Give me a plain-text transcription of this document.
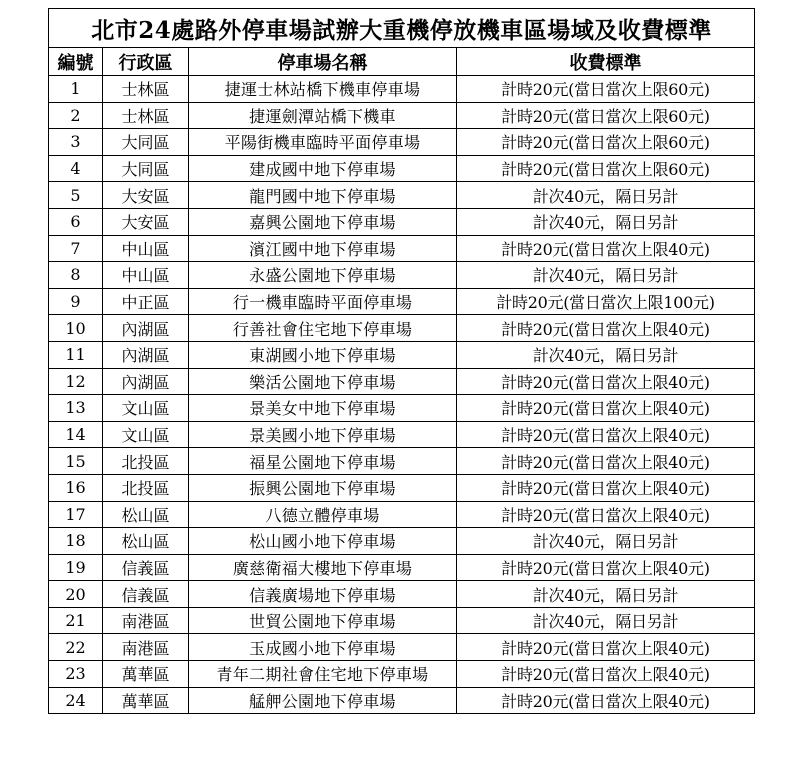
北市24處路外停車場試辦大重機停放機車區場域及收費標準			
編號	行政區	停車場名稱	收費標準
1	士林區	捷運士林站橋下機車停車場	計時20元(當日當次上限60元)
2	士林區	捷運劍潭站橋下機車	計時20元(當日當次上限60元)
3	大同區	平陽街機車臨時平面停車場	計時20元(當日當次上限60元)
4	大同區	建成國中地下停車場	計時20元(當日當次上限60元)
5	大安區	龍門國中地下停車場	計次40元，隔日另計
6	大安區	嘉興公園地下停車場	計次40元，隔日另計
7	中山區	濱江國中地下停車場	計時20元(當日當次上限40元)
8	中山區	永盛公園地下停車場	計次40元，隔日另計
9	中正區	行一機車臨時平面停車場	計時20元(當日當次上限100元)
10	內湖區	行善社會住宅地下停車場	計時20元(當日當次上限40元)
11	內湖區	東湖國小地下停車場	計次40元，隔日另計
12	內湖區	樂活公園地下停車場	計時20元(當日當次上限40元)
13	文山區	景美女中地下停車場	計時20元(當日當次上限40元)
14	文山區	景美國小地下停車場	計時20元(當日當次上限40元)
15	北投區	福星公園地下停車場	計時20元(當日當次上限40元)
16	北投區	振興公園地下停車場	計時20元(當日當次上限40元)
17	松山區	八德立體停車場	計時20元(當日當次上限40元)
18	松山區	松山國小地下停車場	計次40元，隔日另計
19	信義區	廣慈衛福大樓地下停車場	計時20元(當日當次上限40元)
20	信義區	信義廣場地下停車場	計次40元，隔日另計
21	南港區	世貿公園地下停車場	計次40元，隔日另計
22	南港區	玉成國小地下停車場	計時20元(當日當次上限40元)
23	萬華區	青年二期社會住宅地下停車場	計時20元(當日當次上限40元)
24	萬華區	艋舺公園地下停車場	計時20元(當日當次上限40元)
